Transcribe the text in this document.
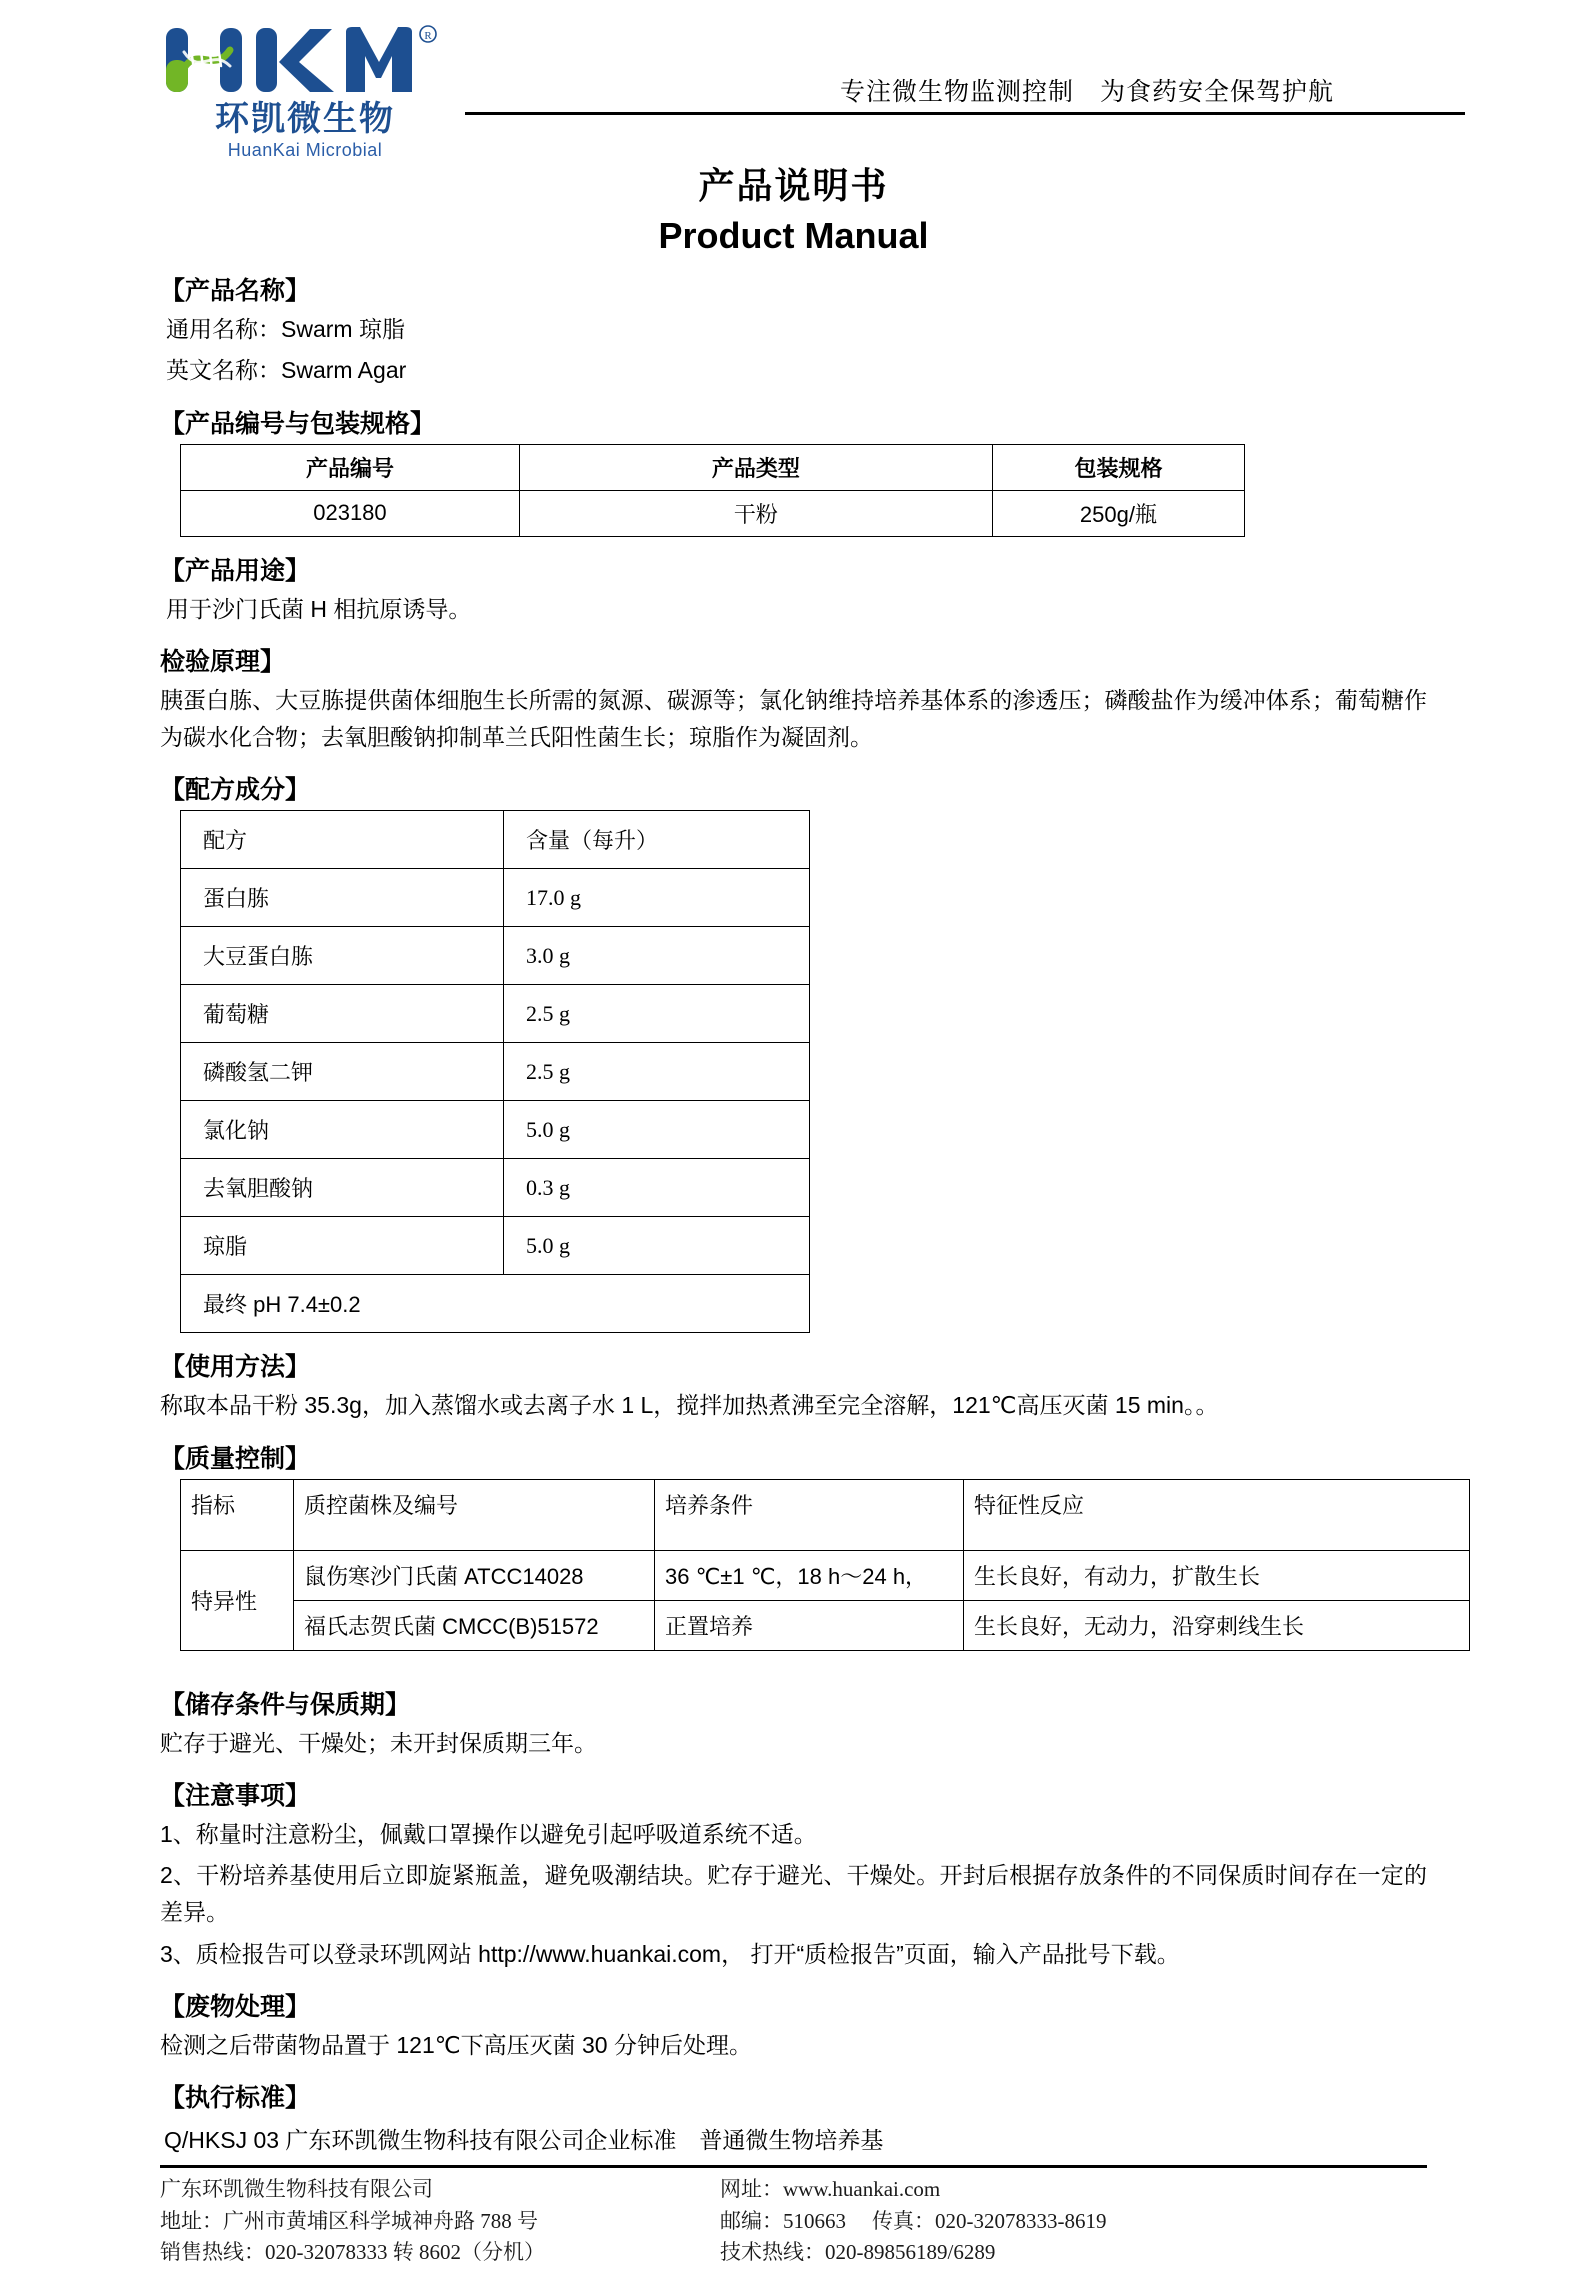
R
环凯微生物
HuanKai Microbial
专注微生物监测控制　为食药安全保驾护航
产品说明书
Product Manual
【产品名称】
通用名称：Swarm 琼脂
英文名称：Swarm Agar
【产品编号与包装规格】
产品编号	产品类型	包装规格
023180	干粉	250g/瓶
【产品用途】
用于沙门氏菌 H 相抗原诱导。
检验原理】
胰蛋白胨、大豆胨提供菌体细胞生长所需的氮源、碳源等；氯化钠维持培养基体系的渗透压；磷酸盐作为缓冲体系；葡萄糖作为碳水化合物；去氧胆酸钠抑制革兰氏阳性菌生长；琼脂作为凝固剂。
【配方成分】
配方	含量（每升）
蛋白胨	17.0 g
大豆蛋白胨	3.0 g
葡萄糖	2.5 g
磷酸氢二钾	2.5 g
氯化钠	5.0 g
去氧胆酸钠	0.3 g
琼脂	5.0 g
最终 pH 7.4±0.2	
【使用方法】
称取本品干粉 35.3g，加入蒸馏水或去离子水 1 L，搅拌加热煮沸至完全溶解，121℃高压灭菌 15 min。。
【质量控制】
指标	质控菌株及编号	培养条件	特征性反应
特异性	鼠伤寒沙门氏菌 ATCC14028	36 ℃±1 ℃，18 h～24 h，	生长良好，有动力，扩散生长
	福氏志贺氏菌 CMCC(B)51572	正置培养	生长良好，无动力，沿穿刺线生长
【储存条件与保质期】
贮存于避光、干燥处；未开封保质期三年。
【注意事项】
1、称量时注意粉尘，佩戴口罩操作以避免引起呼吸道系统不适。
2、干粉培养基使用后立即旋紧瓶盖，避免吸潮结块。贮存于避光、干燥处。开封后根据存放条件的不同保质时间存在一定的差异。
3、质检报告可以登录环凯网站 http://www.huankai.com， 打开“质检报告”页面，输入产品批号下载。
【废物处理】
检测之后带菌物品置于 121℃下高压灭菌 30 分钟后处理。
【执行标准】
Q/HKSJ 03 广东环凯微生物科技有限公司企业标准　普通微生物培养基
广东环凯微生物科技有限公司
地址：广州市黄埔区科学城神舟路 788 号
销售热线：020-32078333 转 8602（分机）
网址：www.huankai.com
邮编：510663 传真：020-32078333-8619
技术热线：020-89856189/6289
